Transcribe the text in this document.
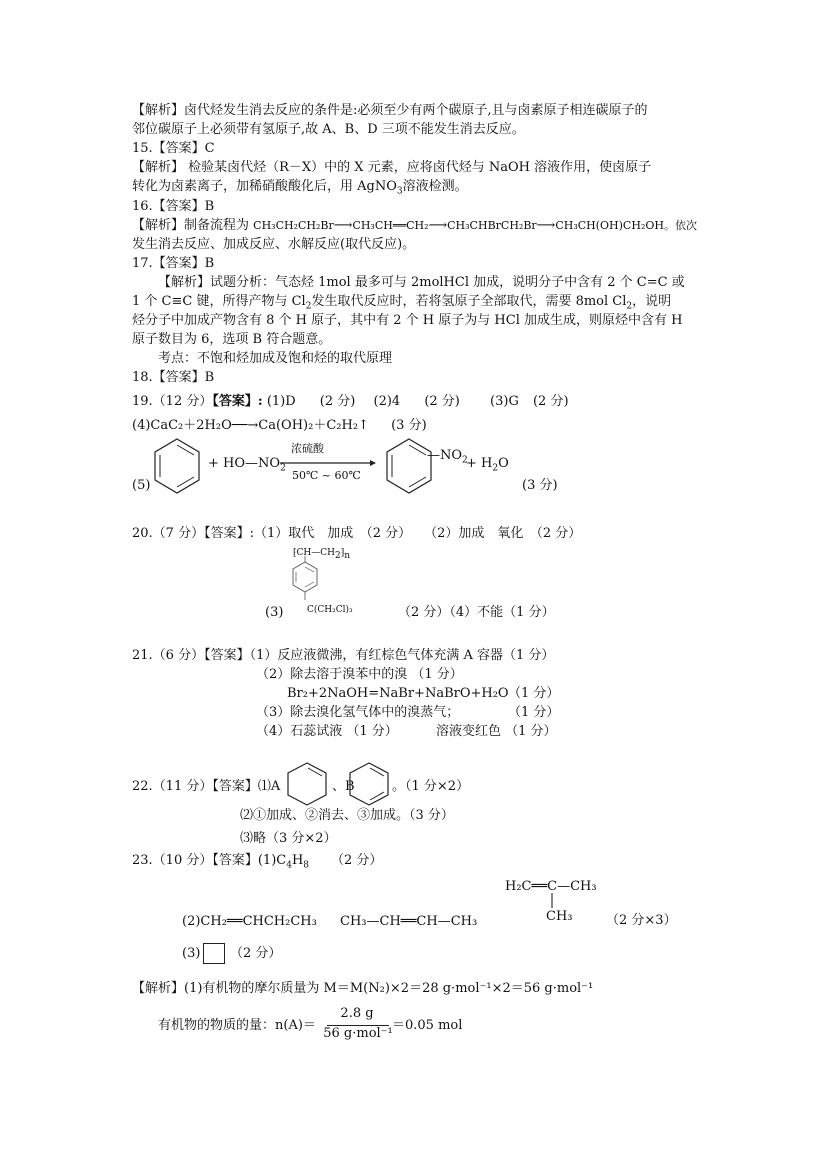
【解析】卤代烃发生消去反应的条件是:必须至少有两个碳原子,且与卤素原子相连碳原子的
邻位碳原子上必须带有氢原子,故 A、B、D 三项不能发生消去反应。
15.【答案】C
【解析】 检验某卤代烃（R－X）中的 X 元素，应将卤代烃与 NaOH 溶液作用，使卤原子
转化为卤素离子，加稀硝酸酸化后，用 AgNO$_3$溶液检测。
16.【答案】B
【解析】制备流程为 CH₃CH₂CH₂Br⟶CH₃CH══CH₂⟶CH₃CHBrCH₂Br⟶CH₃CH(OH)CH₂OH。依次
发生消去反应、加成反应、水解反应(取代反应)。
17.【答案】B
【解析】试题分析：气态烃 1mol 最多可与 2molHCl 加成，说明分子中含有 2 个 C=C 或
1 个 C≡C 键，所得产物与 $Cl_2$发生取代反应时，若将氢原子全部取代，需要 8mol $Cl_2$，说明
烃分子中加成产物含有 8 个 H 原子，其中有 2 个 H 原子为与 HCl 加成生成，则原烃中含有 H
原子数目为 6，选项 B 符合题意。
考点：不饱和烃加成及饱和烃的取代原理
18.【答案】B
19.（12 分）【答案】: (1)D (2 分) (2)4 (2 分) (3)G (2 分)
(4)CaC₂＋2H₂O──→Ca(OH)₂＋C₂H₂↑ (3 分)
+ $HO—NO_2$
浓硫酸
50℃ ~ 60℃
$—NO_2$
+ $H_2O$
(5)	(3 分)
20.（7 分）【答案】:（1）取代　加成　（2 分）　　（2）加成　氧化　（2 分）
$⁅CH—CH_2⁆_n$
C(CH₂Cl)₃
(3)	（2 分）（4）不能（1 分）
21.（6 分）【答案】（1）反应液微沸，有红棕色气体充满 A 容器（1 分）
（2）除去溶于溴苯中的溴 （1 分）
Br₂+2NaOH=NaBr+NaBrO+H₂O （1 分）
（3）除去溴化氢气体中的溴蒸气；	（1 分）
（4）石蕊试液 （1 分）	溶液变红色 （1 分）
22.（11 分）【答案】⑴A	、B	。（1 分×2）
⑵①加成、②消去、③加成。（3 分）
⑶略（3 分×2）
23.（10 分）【答案】$(1)C_4H_8$ （2 分）
H₂C══C—CH₃
CH₃
(2)CH₂══CHCH₂CH₃ CH₃—CH══CH—CH₃	（2 分×3）
(3) （2 分）
【解析】(1)有机物的摩尔质量为 M＝M(N₂)×2＝28 g·mol⁻¹×2＝56 g·mol⁻¹
有机物的物质的量：n(A)＝
2.8 g
56 g·mol⁻¹
＝0.05 mol
